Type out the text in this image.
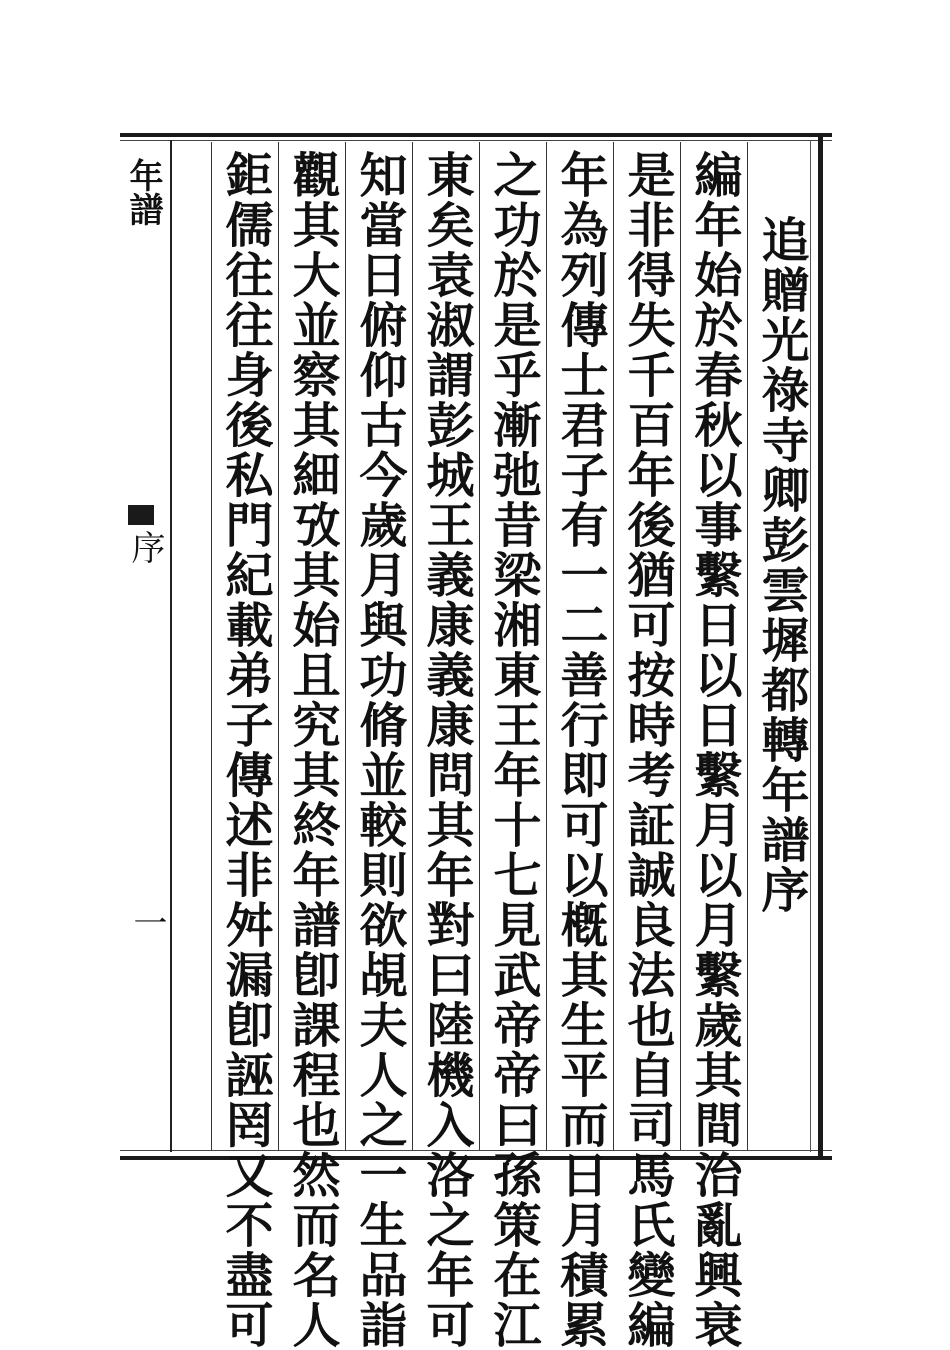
追贈光祿寺卿彭雲墀都轉年譜序
編年始於春秋以事繫日以日繫月以月繫歲其間治亂興衰
是非得失千百年後猶可按時考証誠良法也自司馬氏變編
年為列傳士君子有一二善行即可以槪其生平而日月積累
之功於是乎漸弛昔梁湘東王年十七見武帝帝曰孫策在江
東矣袁淑謂彭城王義康義康問其年對曰陸機入洛之年可
知當日俯仰古今歲月與功脩並較則欲覘夫人之一生品詣
觀其大並察其細攷其始且究其終年譜卽課程也然而名人
鉅儒往往身後私門紀載弟子傳述非舛漏卽誣罔又不盡可
年譜
序
一
